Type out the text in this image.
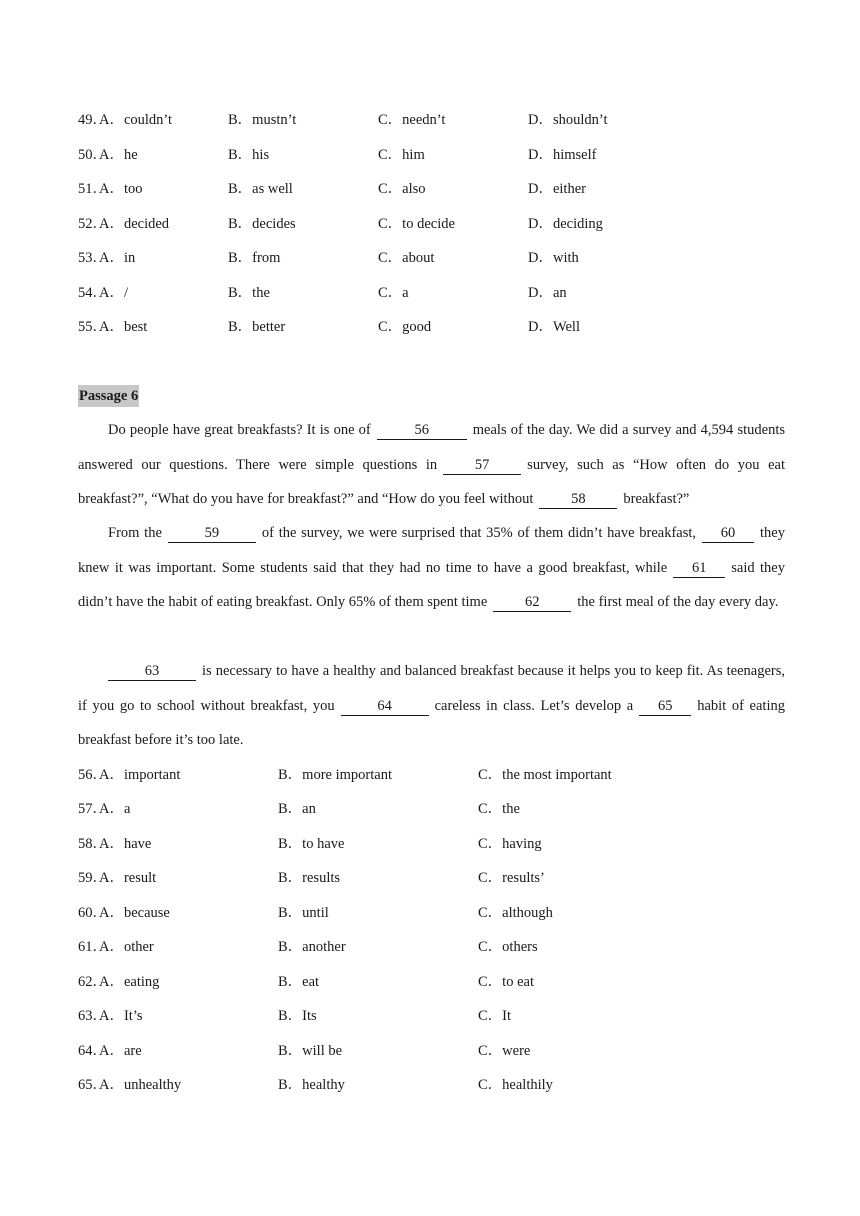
49．
A．couldn’t	B．mustn’t	C．needn’t	D．shouldn’t
50．
A．he	B．his	C．him	D．himself
51．
A．too	B．as well	C．also	D．either
52．
A．decided	B．decides	C．to decide	D．deciding
53．
A．in	B．from	C．about	D．with
54．
A．/	B．the	C．a	D．an
55．
A．best	B．better	C．good	D．Well
Passage 6
Do people have great breakfasts? It is one of	56	meals of the day. We did a survey and 4,594 students answered our questions. There were simple questions in	57	survey, such as “How often do you eat breakfast?”, “What do you have for breakfast?” and “How do you feel without	58	breakfast?”
From the	59	of the survey, we were surprised that 35% of them didn’t have breakfast, 60 they knew it was important. Some students said that they had no time to have a good breakfast, while 61 said they didn’t have the habit of eating breakfast. Only 65% of them spent time	62	the first meal of the day every day.
63	is necessary to have a healthy and balanced breakfast because it helps you to keep fit. As teenagers, if you go to school without breakfast, you	64	careless in class. Let’s develop a 65 habit of eating breakfast before it’s too late.
56．
A．important	B．more important	C．the most important
57．
A．a	B．an	C．the
58．
A．have	B．to have	C．having
59．
A．result	B．results	C．results’
60．
A．because	B．until	C．although
61．
A．other	B．another	C．others
62．
A．eating	B．eat	C．to eat
63．
A．It’s	B．Its	C．It
64．
A．are	B．will be	C．were
65．
A．unhealthy	B．healthy	C．healthily
